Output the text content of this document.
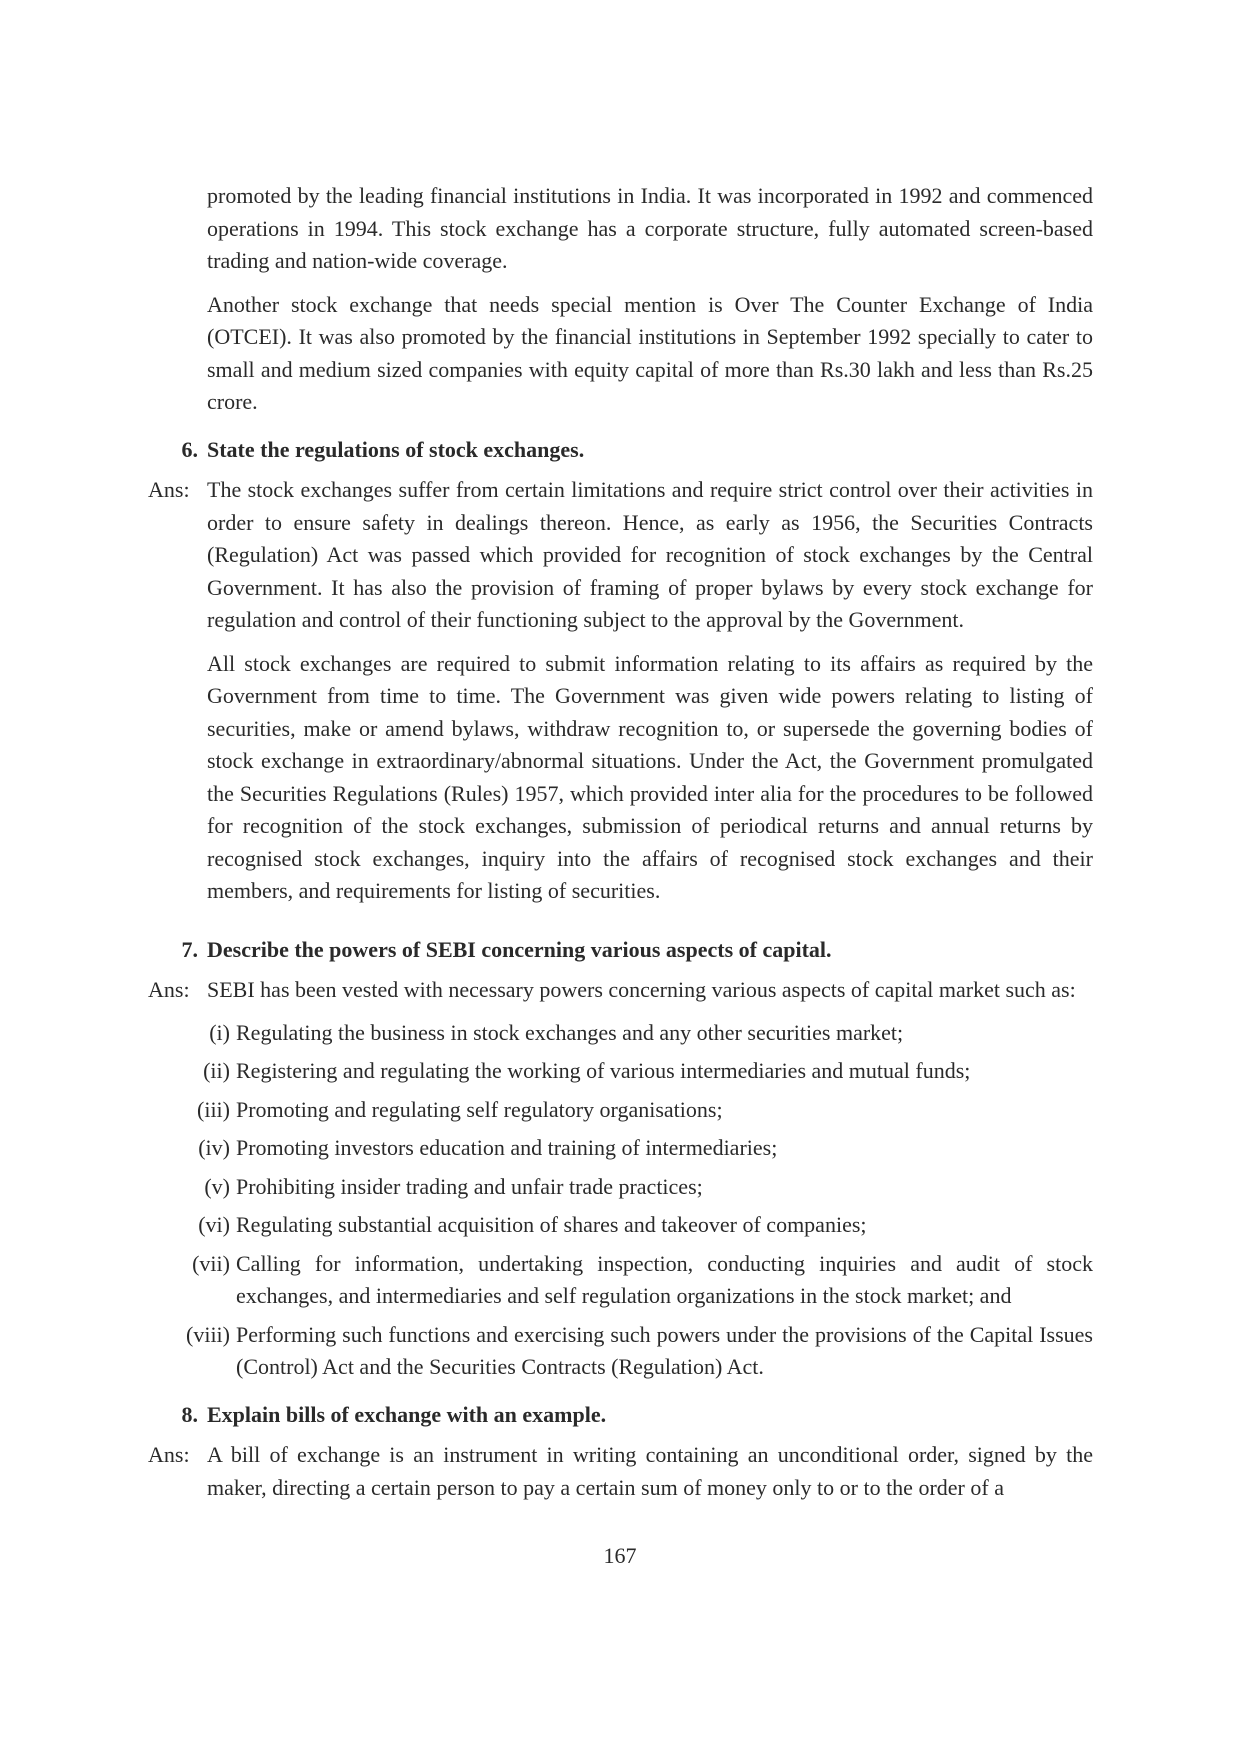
promoted by the leading financial institutions in India. It was incorporated in 1992 and commenced operations in 1994. This stock exchange has a corporate structure, fully automated screen-based trading and nation-wide coverage.

Another stock exchange that needs special mention is Over The Counter Exchange of India (OTCEI). It was also promoted by the financial institutions in September 1992 specially to cater to small and medium sized companies with equity capital of more than Rs.30 lakh and less than Rs.25 crore.

6. State the regulations of stock exchanges.
Ans: The stock exchanges suffer from certain limitations and require strict control over their activities in order to ensure safety in dealings thereon. Hence, as early as 1956, the Securities Contracts (Regulation) Act was passed which provided for recognition of stock exchanges by the Central Government. It has also the provision of framing of proper bylaws by every stock exchange for regulation and control of their functioning subject to the approval by the Government.

All stock exchanges are required to submit information relating to its affairs as required by the Government from time to time. The Government was given wide powers relating to listing of securities, make or amend bylaws, withdraw recognition to, or supersede the governing bodies of stock exchange in extraordinary/abnormal situations. Under the Act, the Government promulgated the Securities Regulations (Rules) 1957, which provided inter alia for the procedures to be followed for recognition of the stock exchanges, submission of periodical returns and annual returns by recognised stock exchanges, inquiry into the affairs of recognised stock exchanges and their members, and requirements for listing of securities.

7. Describe the powers of SEBI concerning various aspects of capital.
Ans: SEBI has been vested with necessary powers concerning various aspects of capital market such as:

(i) Regulating the business in stock exchanges and any other securities market;
(ii) Registering and regulating the working of various intermediaries and mutual funds;
(iii) Promoting and regulating self regulatory organisations;
(iv) Promoting investors education and training of intermediaries;
(v) Prohibiting insider trading and unfair trade practices;
(vi) Regulating substantial acquisition of shares and takeover of companies;
(vii) Calling for information, undertaking inspection, conducting inquiries and audit of stock exchanges, and intermediaries and self regulation organizations in the stock market; and
(viii) Performing such functions and exercising such powers under the provisions of the Capital Issues (Control) Act and the Securities Contracts (Regulation) Act.
8. Explain bills of exchange with an example.
Ans: A bill of exchange is an instrument in writing containing an unconditional order, signed by the maker, directing a certain person to pay a certain sum of money only to or to the order of a

167
